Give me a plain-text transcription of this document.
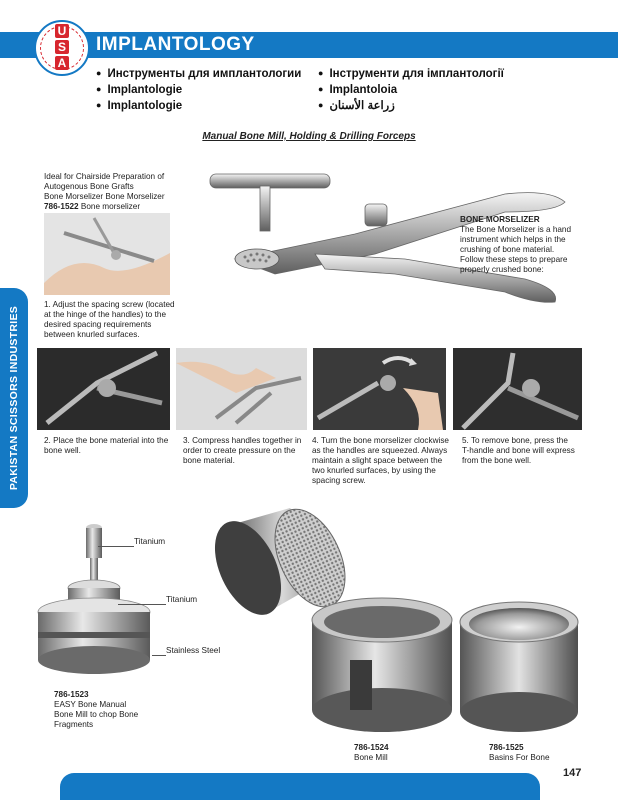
U
S
A
IMPLANTOLOGY
● Инструменты для имплантологии
● Implantologie
● Implantologie
● Інструменти для імплантології
● Implantoloia
● زراعة الأسنان
Manual Bone Mill, Holding & Drilling Forceps
PAKISTAN SCISSORS INDUSTRIES
Ideal for Chairside Preparation of
Autogenous Bone Grafts
Bone Morselizer Bone Morselizer
786-1522 Bone morselizer
BONE MORSELIZER
The Bone Morselizer is a hand
instrument which helps in the
crushing of bone material.
Follow these steps to prepare
properly crushed bone:
1. Adjust the spacing screw (located
at the hinge of the handles) to the
desired spacing requirements
between knurled surfaces.
2. Place the bone material into the
bone well.
3. Compress handles together in
order to create pressure on the
bone material.
4. Turn the bone morselizer clockwise
as the handles are squeezed. Always
maintain a slight space between the
two knurled surfaces, by using the
spacing screw.
5. To remove bone, press the
T-handle and bone will express
from the bone well.
Titanium
Titanium
Stainless Steel
786-1523
EASY Bone Manual
Bone Mill to chop Bone
Fragments
786-1524
Bone Mill
786-1525
Basins For Bone
147
